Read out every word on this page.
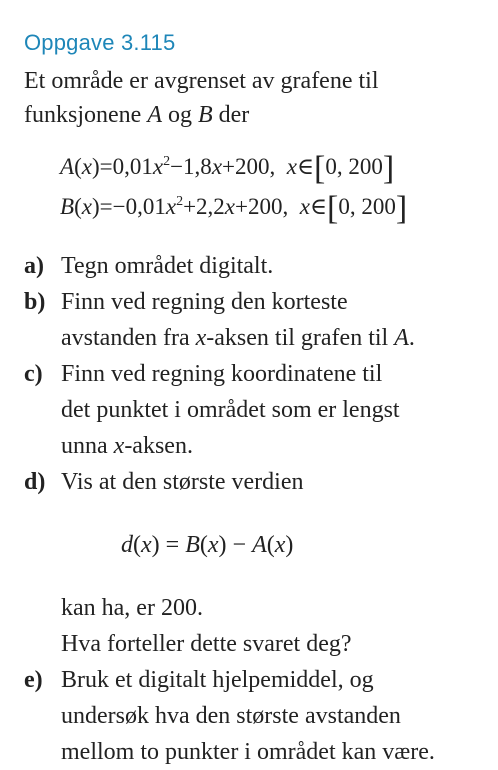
Oppgave 3.115
Et område er avgrenset av grafene til
funksjonene A og B der
$A(x)=0,01x^2-1,8x+200$, x∈[0, 200]
$B(x)=-0,01x^2+2,2x+200$, x∈[0, 200]
a) Tegn området digitalt.
b) Finn ved regning den korteste
avstanden fra x-aksen til grafen til A.
c) Finn ved regning koordinatene til
det punktet i området som er lengst
unna x-aksen.
d) Vis at den største verdien
d(x) = B(x) − A(x)
kan ha, er 200.
Hva forteller dette svaret deg?
e) Bruk et digitalt hjelpemiddel, og
undersøk hva den største avstanden
mellom to punkter i området kan være.
